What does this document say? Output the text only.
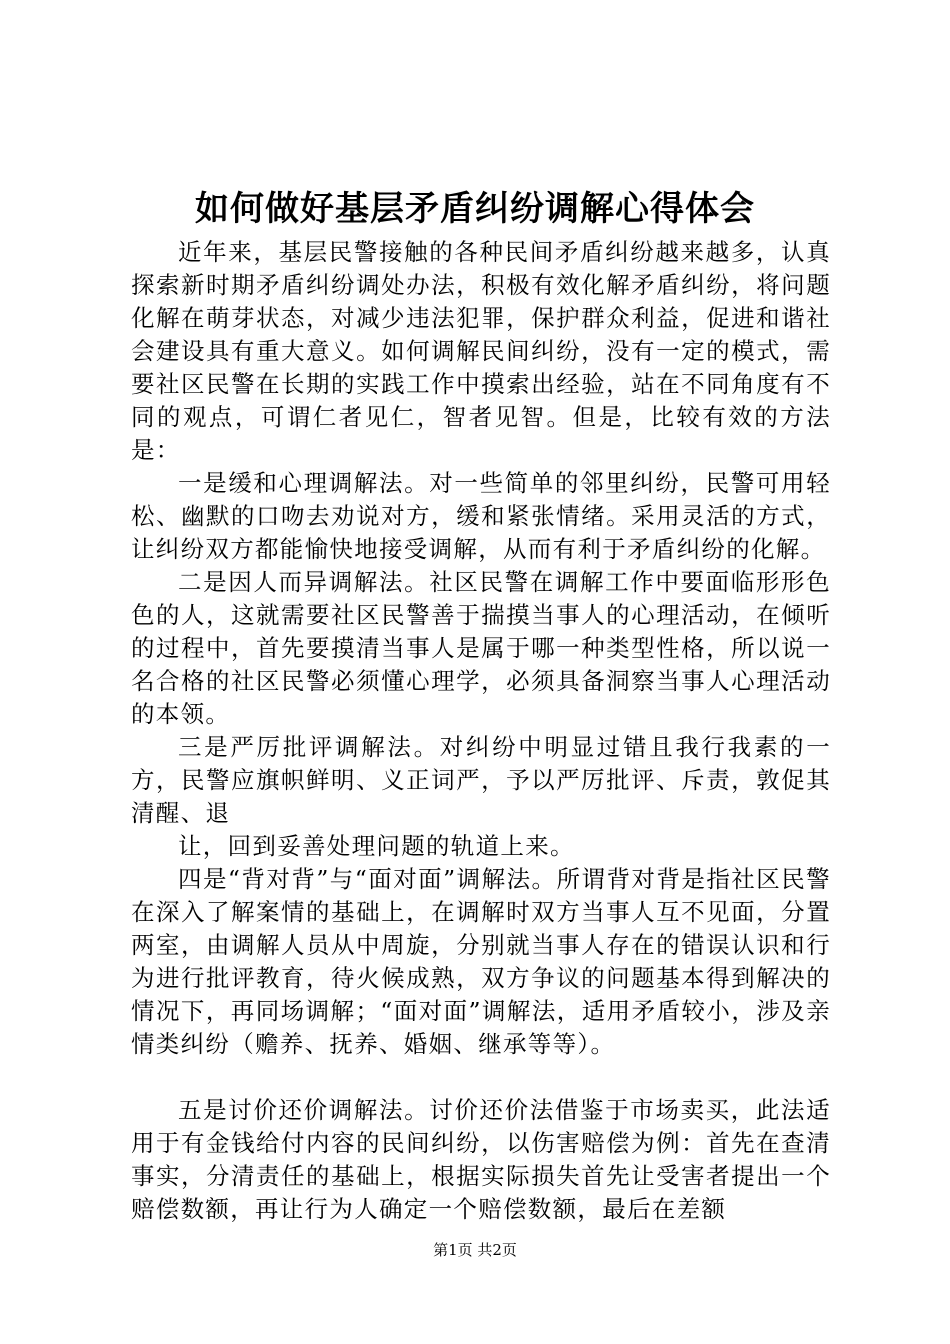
如何做好基层矛盾纠纷调解心得体会

近年来，基层民警接触的各种民间矛盾纠纷越来越多，认真探索新时期矛盾纠纷调处办法，积极有效化解矛盾纠纷，将问题化解在萌芽状态，对减少违法犯罪，保护群众利益，促进和谐社会建设具有重大意义。如何调解民间纠纷，没有一定的模式，需要社区民警在长期的实践工作中摸索出经验，站在不同角度有不同的观点，可谓仁者见仁，智者见智。但是，比较有效的方法是：

一是缓和心理调解法。对一些简单的邻里纠纷，民警可用轻松、幽默的口吻去劝说对方，缓和紧张情绪。采用灵活的方式，让纠纷双方都能愉快地接受调解，从而有利于矛盾纠纷的化解。

二是因人而异调解法。社区民警在调解工作中要面临形形色色的人，这就需要社区民警善于揣摸当事人的心理活动，在倾听的过程中，首先要摸清当事人是属于哪一种类型性格，所以说一名合格的社区民警必须懂心理学，必须具备洞察当事人心理活动的本领。

三是严厉批评调解法。对纠纷中明显过错且我行我素的一方，民警应旗帜鲜明、义正词严，予以严厉批评、斥责，敦促其清醒、退

让，回到妥善处理问题的轨道上来。

四是“背对背”与“面对面”调解法。所谓背对背是指社区民警在深入了解案情的基础上，在调解时双方当事人互不见面，分置两室，由调解人员从中周旋，分别就当事人存在的错误认识和行为进行批评教育，待火候成熟，双方争议的问题基本得到解决的情况下，再同场调解；“面对面”调解法，适用矛盾较小，涉及亲情类纠纷（赡养、抚养、婚姻、继承等等）。

五是讨价还价调解法。讨价还价法借鉴于市场卖买，此法适用于有金钱给付内容的民间纠纷，以伤害赔偿为例：首先在查清事实，分清责任的基础上，根据实际损失首先让受害者提出一个赔偿数额，再让行为人确定一个赔偿数额，最后在差额

第1页 共2页
